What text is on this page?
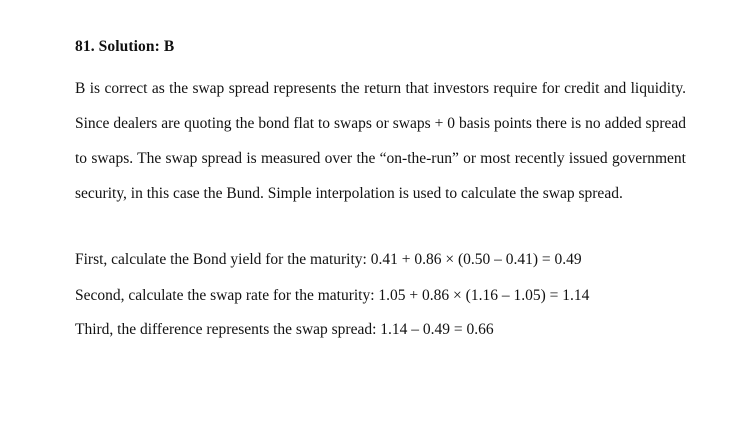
81. Solution: B
B is correct as the swap spread represents the return that investors require for credit and liquidity. Since dealers are quoting the bond flat to swaps or swaps + 0 basis points there is no added spread to swaps. The swap spread is measured over the “on-the-run” or most recently issued government security, in this case the Bund. Simple interpolation is used to calculate the swap spread.
First, calculate the Bond yield for the maturity: 0.41 + 0.86 × (0.50 – 0.41) = 0.49
Second, calculate the swap rate for the maturity: 1.05 + 0.86 × (1.16 – 1.05) = 1.14
Third, the difference represents the swap spread: 1.14 – 0.49 = 0.66
